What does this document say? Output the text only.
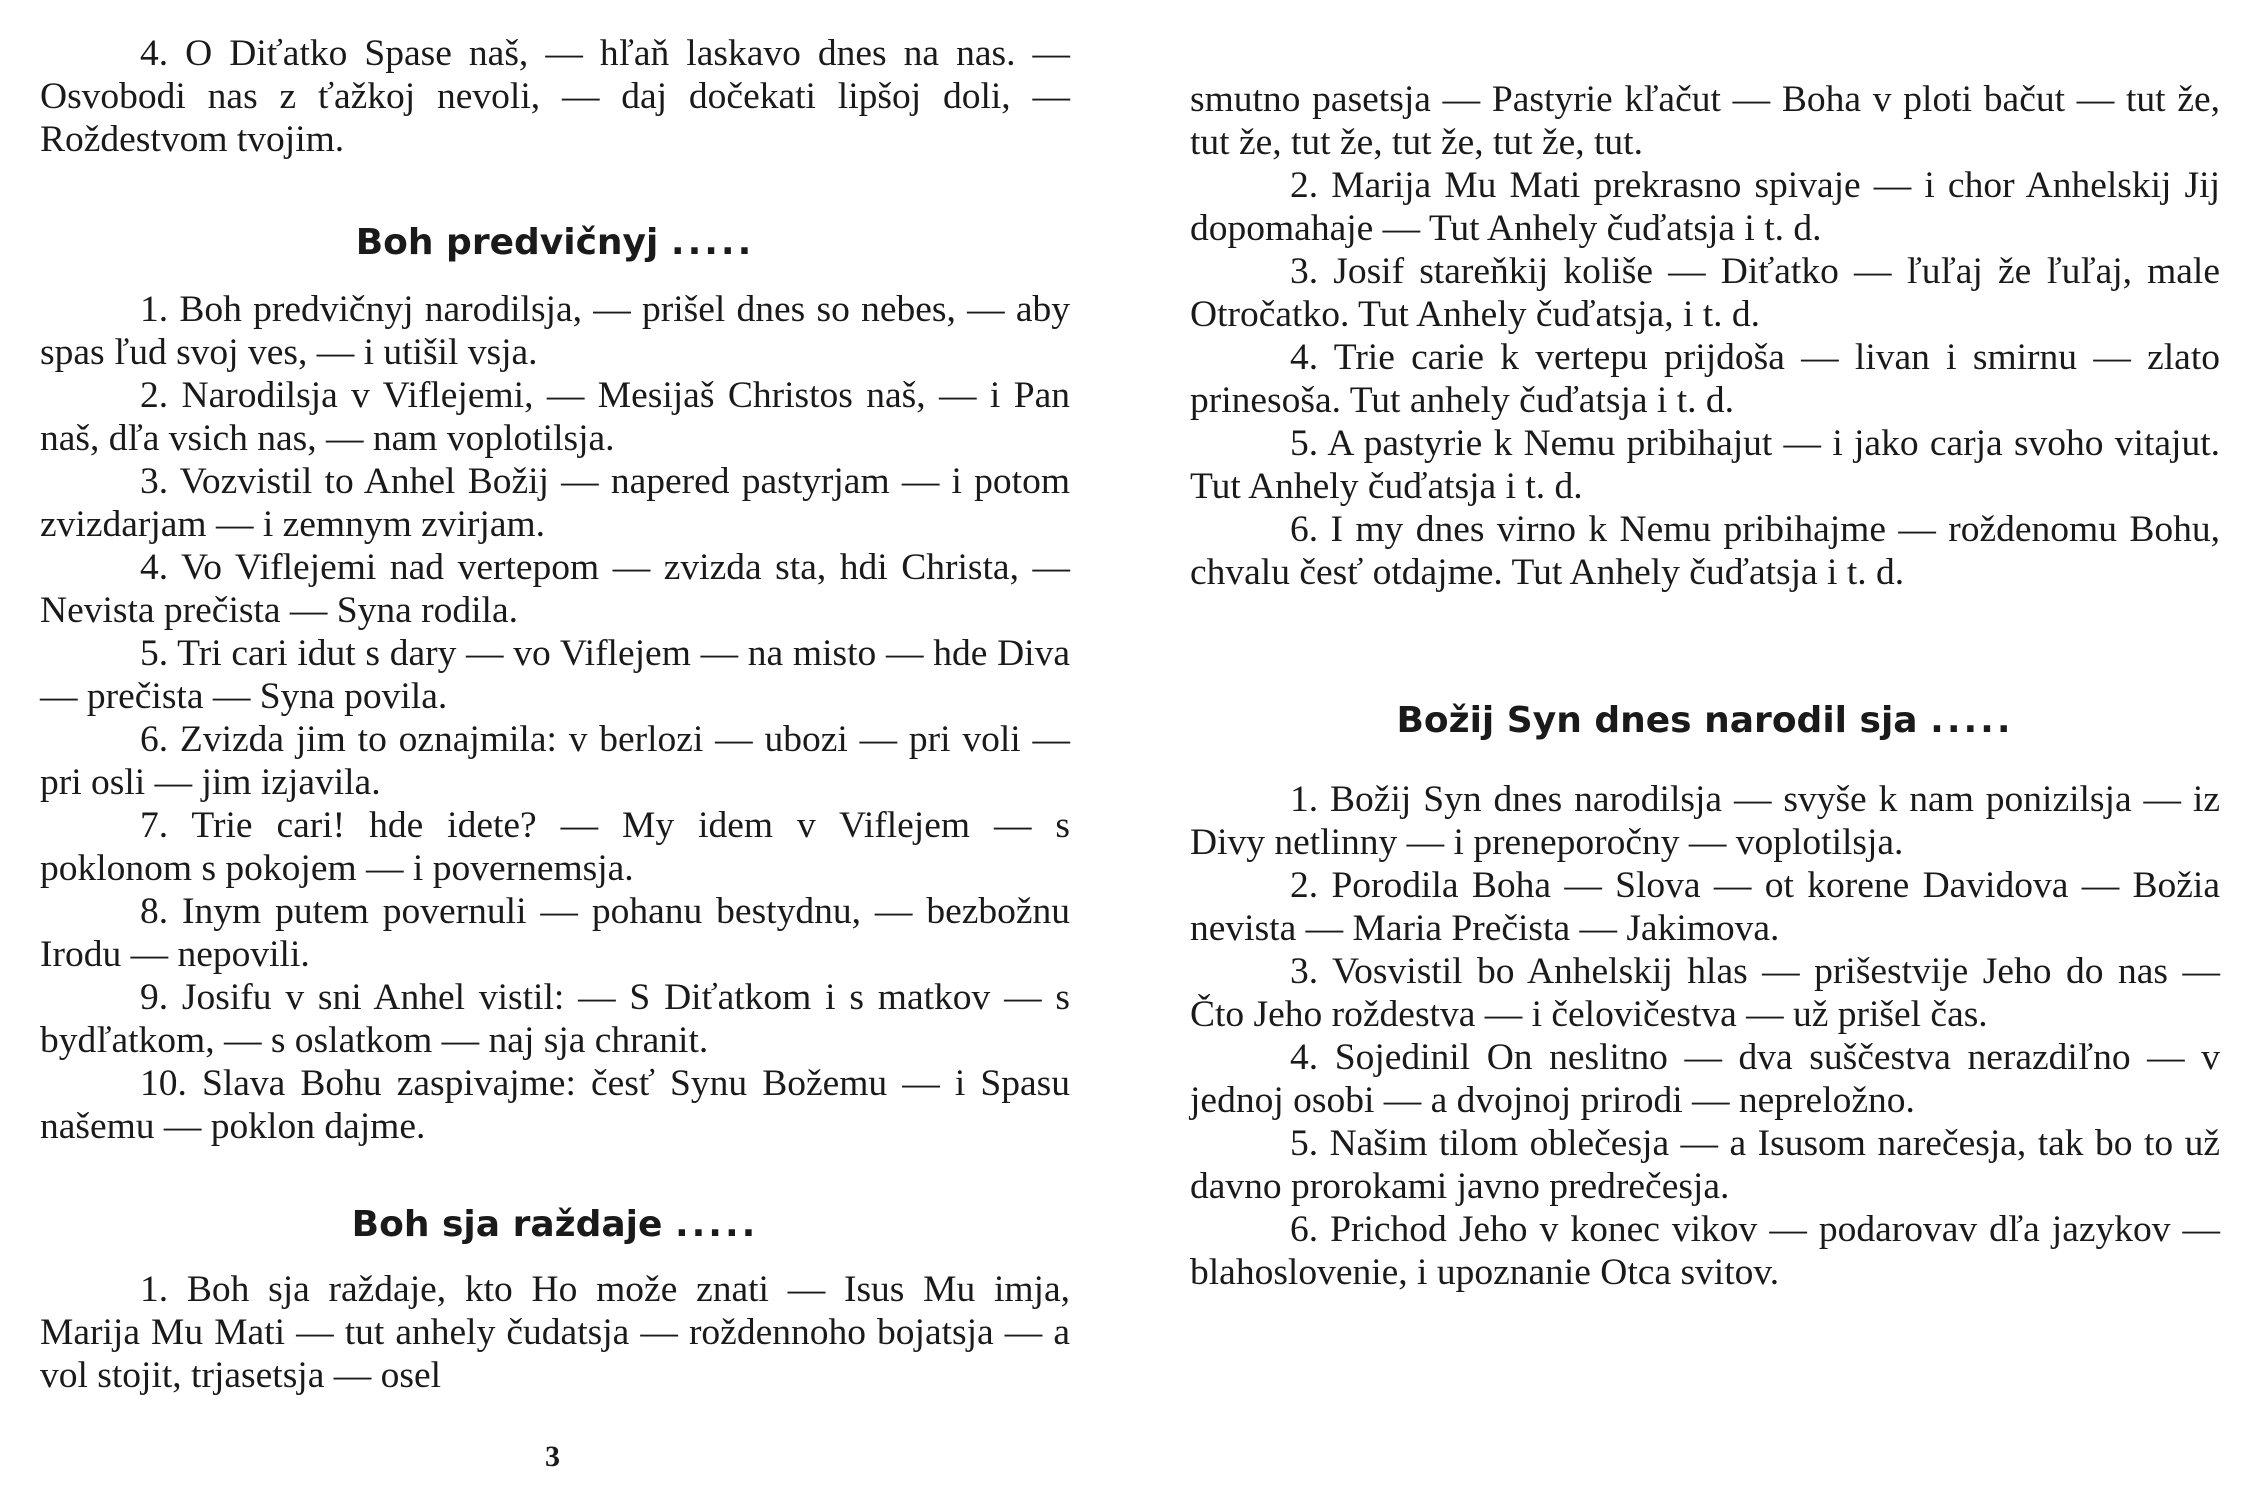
4. O Diťatko Spase naš, — hľaň laskavo dnes na nas. — Osvobodi nas z ťažkoj nevoli, — daj dočekati lipšoj doli, — Roždestvom tvojim.

Boh predvičnyj .....

1. Boh predvičnyj narodilsja, — prišel dnes so nebes, — aby spas ľud svoj ves, — i utišil vsja.

2. Narodilsja v Viflejemi, — Mesijaš Christos naš, — i Pan naš, dľa vsich nas, — nam voplotilsja.

3. Vozvistil to Anhel Božij — napered pastyrjam — i potom zvizdarjam — i zemnym zvirjam.

4. Vo Viflejemi nad vertepom — zvizda sta, hdi Christa, — Nevista prečista — Syna rodila.

5. Tri cari idut s dary — vo Viflejem — na misto — hde Diva — prečista — Syna povila.

6. Zvizda jim to oznajmila: v berlozi — ubozi — pri voli — pri osli — jim izjavila.

7. Trie cari! hde idete? — My idem v Viflejem — s poklonom s pokojem — i povernemsja.

8. Inym putem povernuli — pohanu bestydnu, — bezbožnu Irodu — nepovili.

9. Josifu v sni Anhel vistil: — S Diťatkom i s matkov — s bydľatkom, — s oslatkom — naj sja chranit.

10. Slava Bohu zaspivajme: česť Synu Božemu — i Spasu našemu — poklon dajme.

Boh sja raždaje .....

1. Boh sja raždaje, kto Ho može znati — Isus Mu imja, Marija Mu Mati — tut anhely čudatsja — roždennoho bojatsja — a vol stojit, trjasetsja — osel

3

smutno pasetsja — Pastyrie kľačut — Boha v ploti bačut — tut že, tut že, tut že, tut že, tut že, tut.

2. Marija Mu Mati prekrasno spivaje — i chor Anhelskij Jij dopomahaje — Tut Anhely čuďatsja i t. d.

3. Josif stareňkij koliše — Diťatko — ľuľaj že ľuľaj, male Otročatko. Tut Anhely čuďatsja, i t. d.

4. Trie carie k vertepu prijdoša — livan i smirnu — zlato prinesoša. Tut anhely čuďatsja i t. d.

5. A pastyrie k Nemu pribihajut — i jako carja svoho vitajut. Tut Anhely čuďatsja i t. d.

6. I my dnes virno k Nemu pribihajme — roždenomu Bohu, chvalu česť otdajme. Tut Anhely čuďatsja i t. d.

Božij Syn dnes narodil sja .....

1. Božij Syn dnes narodilsja — svyše k nam ponizilsja — iz Divy netlinny — i preneporočny — voplotilsja.

2. Porodila Boha — Slova — ot korene Davidova — Božia nevista — Maria Prečista — Jakimova.

3. Vosvistil bo Anhelskij hlas — prišestvije Jeho do nas — Čto Jeho roždestva — i čelovičestva — už prišel čas.

4. Sojedinil On neslitno — dva suščestva nerazdiľno — v jednoj osobi — a dvojnoj prirodi — nepreložno.

5. Našim tilom oblečesja — a Isusom narečesja, tak bo to už davno prorokami javno predrečesja.

6. Prichod Jeho v konec vikov — podarovav dľa jazykov — blahoslovenie, i upoznanie Otca svitov.
